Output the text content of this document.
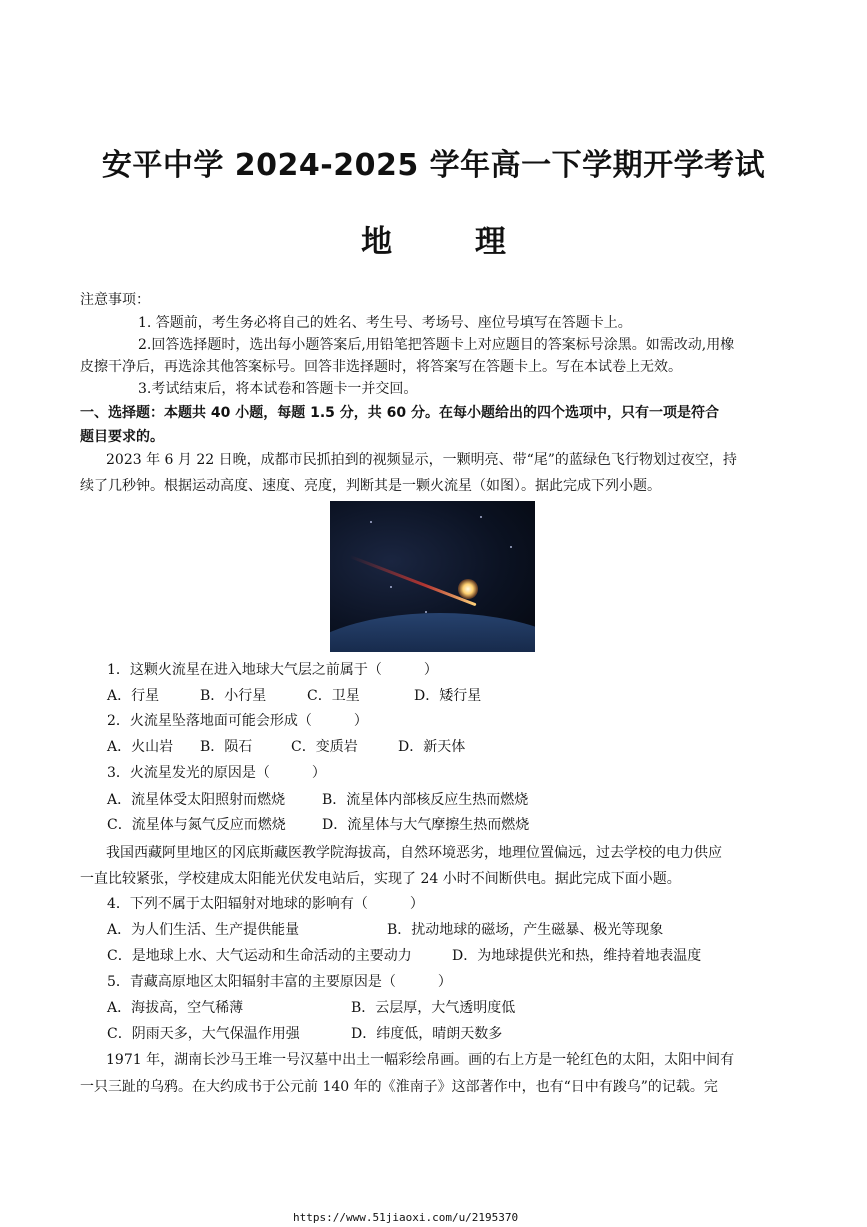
安平中学 2024-2025 学年高一下学期开学考试
地 理
注意事项：
1. 答题前，考生务必将自己的姓名、考生号、考场号、座位号填写在答题卡上。
2.回答选择题时，选出每小题答案后,用铅笔把答题卡上对应题目的答案标号涂黑。如需改动,用橡
皮擦干净后，再选涂其他答案标号。回答非选择题时，将答案写在答题卡上。写在本试卷上无效。
3.考试结束后，将本试卷和答题卡一并交回。
一、选择题：本题共 40 小题，每题 1.5 分，共 60 分。在每小题给出的四个选项中，只有一项是符合
题目要求的。
2023 年 6 月 22 日晚，成都市民抓拍到的视频显示，一颗明亮、带“尾”的蓝绿色飞行物划过夜空，持
续了几秒钟。根据运动高度、速度、亮度，判断其是一颗火流星（如图）。据此完成下列小题。
1．这颗火流星在进入地球大气层之前属于（　　　）
A．行星	B．小行星	C．卫星	D．矮行星
2．火流星坠落地面可能会形成（　　　）
A．火山岩 B．陨石	C．变质岩	D．新天体
3．火流星发光的原因是（　　　）
A．流星体受太阳照射而燃烧	B．流星体内部核反应生热而燃烧
C．流星体与氮气反应而燃烧	D．流星体与大气摩擦生热而燃烧
我国西藏阿里地区的冈底斯藏医教学院海拔高，自然环境恶劣，地理位置偏远，过去学校的电力供应
一直比较紧张，学校建成太阳能光伏发电站后，实现了 24 小时不间断供电。据此完成下面小题。
4．下列不属于太阳辐射对地球的影响有（　　　）
A．为人们生活、生产提供能量	B．扰动地球的磁场，产生磁暴、极光等现象
C．是地球上水、大气运动和生命活动的主要动力	D．为地球提供光和热，维持着地表温度
5．青藏高原地区太阳辐射丰富的主要原因是（　　　）
A．海拔高，空气稀薄	B．云层厚，大气透明度低
C．阴雨天多，大气保温作用强	D．纬度低，晴朗天数多
1971 年，湖南长沙马王堆一号汉墓中出土一幅彩绘帛画。画的右上方是一轮红色的太阳，太阳中间有
一只三趾的乌鸦。在大约成书于公元前 140 年的《淮南子》这部著作中，也有“日中有踆乌”的记载。完
https://www.51jiaoxi.com/u/2195370
